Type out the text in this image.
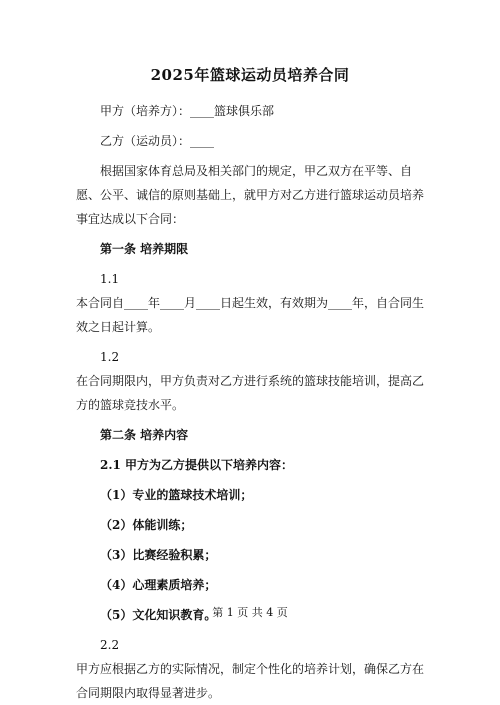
2025年篮球运动员培养合同

甲方（培养方）：____篮球俱乐部

乙方（运动员）：____

根据国家体育总局及相关部门的规定，甲乙双方在平等、自愿、公平、诚信的原则基础上，就甲方对乙方进行篮球运动员培养事宜达成以下合同：

第一条 培养期限

1.1

本合同自____年____月____日起生效，有效期为____年，自合同生效之日起计算。

1.2

在合同期限内，甲方负责对乙方进行系统的篮球技能培训，提高乙方的篮球竞技水平。

第二条 培养内容

2.1 甲方为乙方提供以下培养内容：

（1）专业的篮球技术培训；

（2）体能训练；

（3）比赛经验积累；

（4）心理素质培养；

（5）文化知识教育。

2.2

甲方应根据乙方的实际情况，制定个性化的培养计划，确保乙方在合同期限内取得显著进步。

第 1 页 共 4 页
